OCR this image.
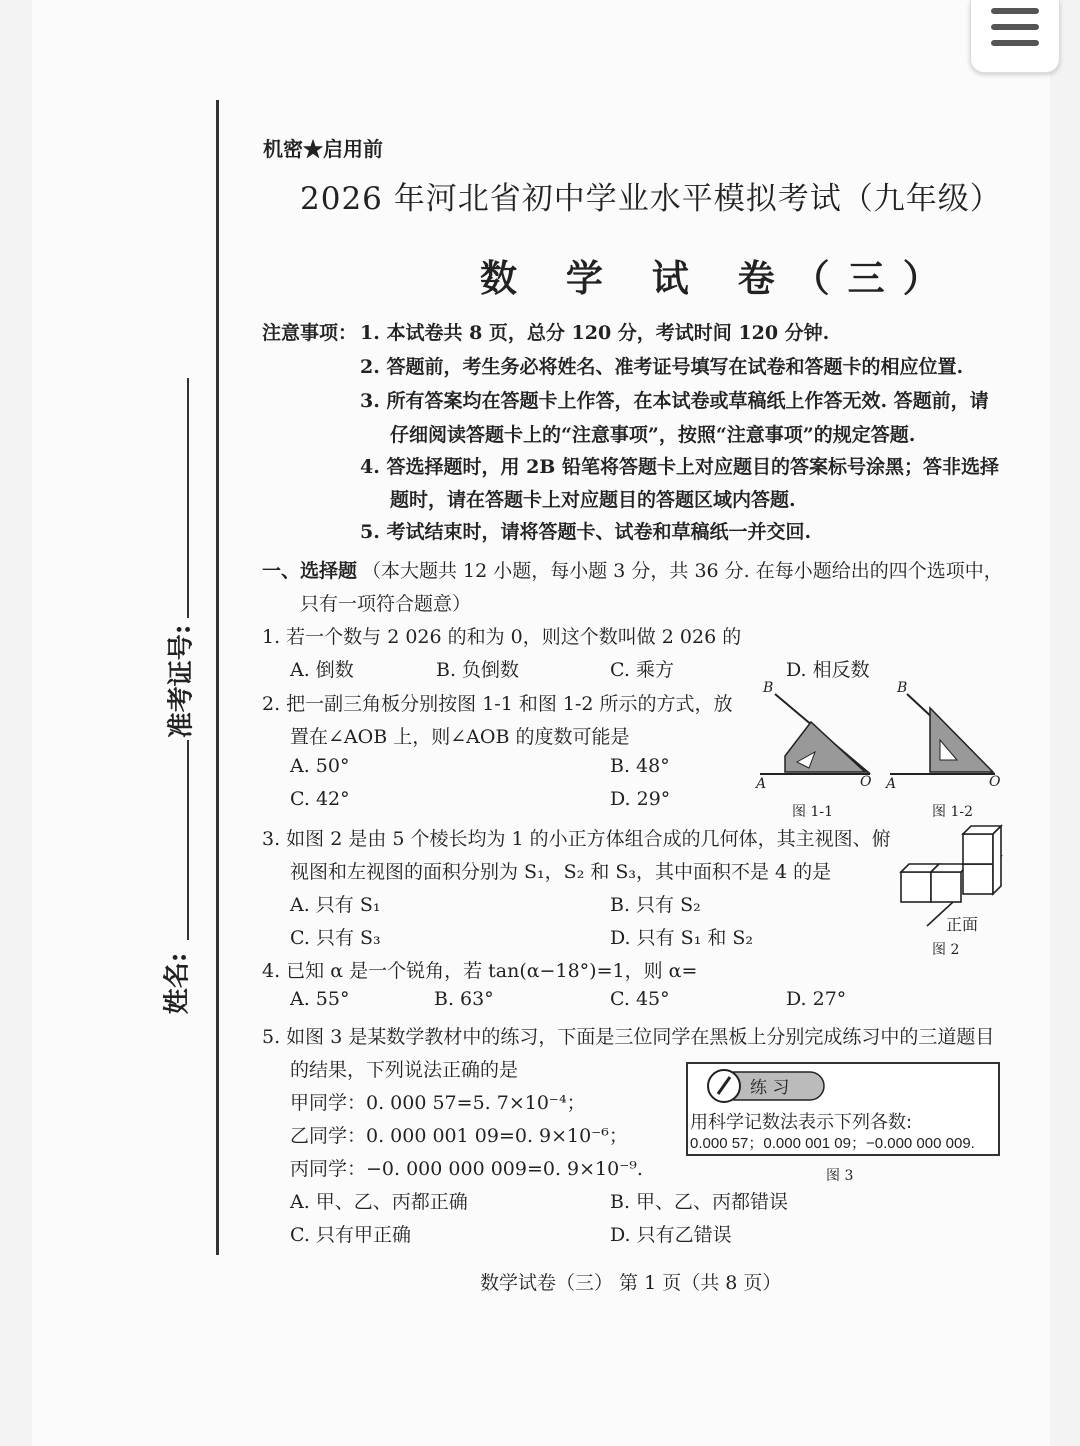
准考证号:
姓名:
机密★启用前
2026 年河北省初中学业水平模拟考试（九年级）
数 学 试 卷（三）
注意事项： 1. 本试卷共 8 页，总分 120 分，考试时间 120 分钟.
2. 答题前，考生务必将姓名、准考证号填写在试卷和答题卡的相应位置.
3. 所有答案均在答题卡上作答，在本试卷或草稿纸上作答无效. 答题前，请
仔细阅读答题卡上的“注意事项”，按照“注意事项”的规定答题.
4. 答选择题时，用 2B 铅笔将答题卡上对应题目的答案标号涂黑；答非选择
题时，请在答题卡上对应题目的答题区域内答题.
5. 考试结束时，请将答题卡、试卷和草稿纸一并交回.
一、选择题 （本大题共 12 小题，每小题 3 分，共 36 分. 在每小题给出的四个选项中，
只有一项符合题意）
1. 若一个数与 2 026 的和为 0，则这个数叫做 2 026 的
A. 倒数	B. 负倒数	C. 乘方	D. 相反数
2. 把一副三角板分别按图 1-1 和图 1-2 所示的方式，放
置在∠AOB 上，则∠AOB 的度数可能是
A. 50°	B. 48°
C. 42°	D. 29°
B
A	O
图 1-1
B
A	O
图 1-2
3. 如图 2 是由 5 个棱长均为 1 的小正方体组合成的几何体，其主视图、俯
视图和左视图的面积分别为 S₁，S₂ 和 S₃，其中面积不是 4 的是
A. 只有 S₁	B. 只有 S₂
C. 只有 S₃	D. 只有 S₁ 和 S₂
正面
图 2
4. 已知 α 是一个锐角，若 tan(α−18°)=1，则 α=
A. 55°	B. 63°	C. 45°	D. 27°
5. 如图 3 是某数学教材中的练习，下面是三位同学在黑板上分别完成练习中的三道题目
的结果，下列说法正确的是
甲同学：0. 000 57=5. 7×10⁻⁴；
乙同学：0. 000 001 09=0. 9×10⁻⁶；
丙同学：−0. 000 000 009=0. 9×10⁻⁹.
A. 甲、乙、丙都正确	B. 甲、乙、丙都错误
C. 只有甲正确	D. 只有乙错误
练 习
用科学记数法表示下列各数:
0.000 57；0.000 001 09；−0.000 000 009.
图 3
数学试卷（三） 第 1 页（共 8 页）
